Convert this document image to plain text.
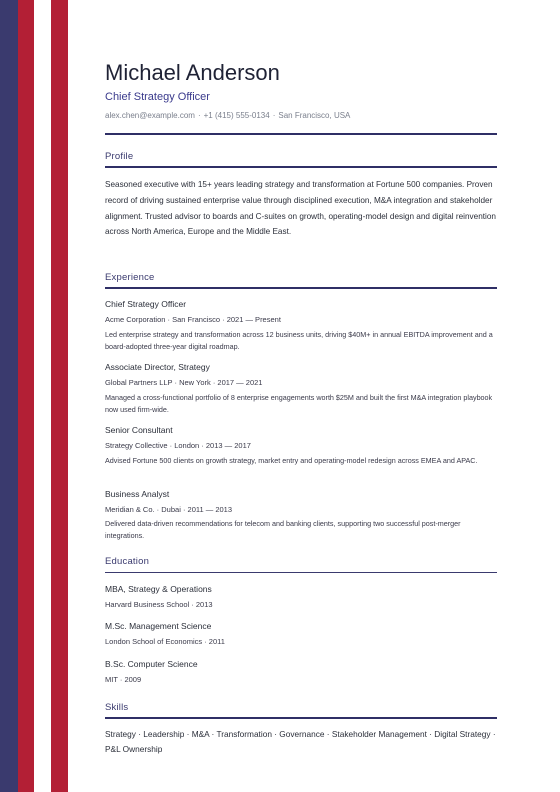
Michael Anderson
Chief Strategy Officer
alex.chen@example.com · +1 (415) 555-0134 · San Francisco, USA
Profile
Seasoned executive with 15+ years leading strategy and transformation at Fortune 500 companies. Proven record of driving sustained enterprise value through disciplined execution, M&A integration and stakeholder alignment. Trusted advisor to boards and C-suites on growth, operating-model design and digital reinvention across North America, Europe and the Middle East.
Experience
Chief Strategy Officer
Acme Corporation · San Francisco · 2021 — Present
Led enterprise strategy and transformation across 12 business units, driving $40M+ in annual EBITDA improvement and a board-adopted three-year digital roadmap.
Associate Director, Strategy
Global Partners LLP · New York · 2017 — 2021
Managed a cross-functional portfolio of 8 enterprise engagements worth $25M and built the first M&A integration playbook now used firm-wide.
Senior Consultant
Strategy Collective · London · 2013 — 2017
Advised Fortune 500 clients on growth strategy, market entry and operating-model redesign across EMEA and APAC.
Business Analyst
Meridian & Co. · Dubai · 2011 — 2013
Delivered data-driven recommendations for telecom and banking clients, supporting two successful post-merger integrations.
Education
MBA, Strategy & Operations
Harvard Business School · 2013
M.Sc. Management Science
London School of Economics · 2011
B.Sc. Computer Science
MIT · 2009
Skills
Strategy · Leadership · M&A · Transformation · Governance · Stakeholder Management · Digital Strategy · P&L Ownership
